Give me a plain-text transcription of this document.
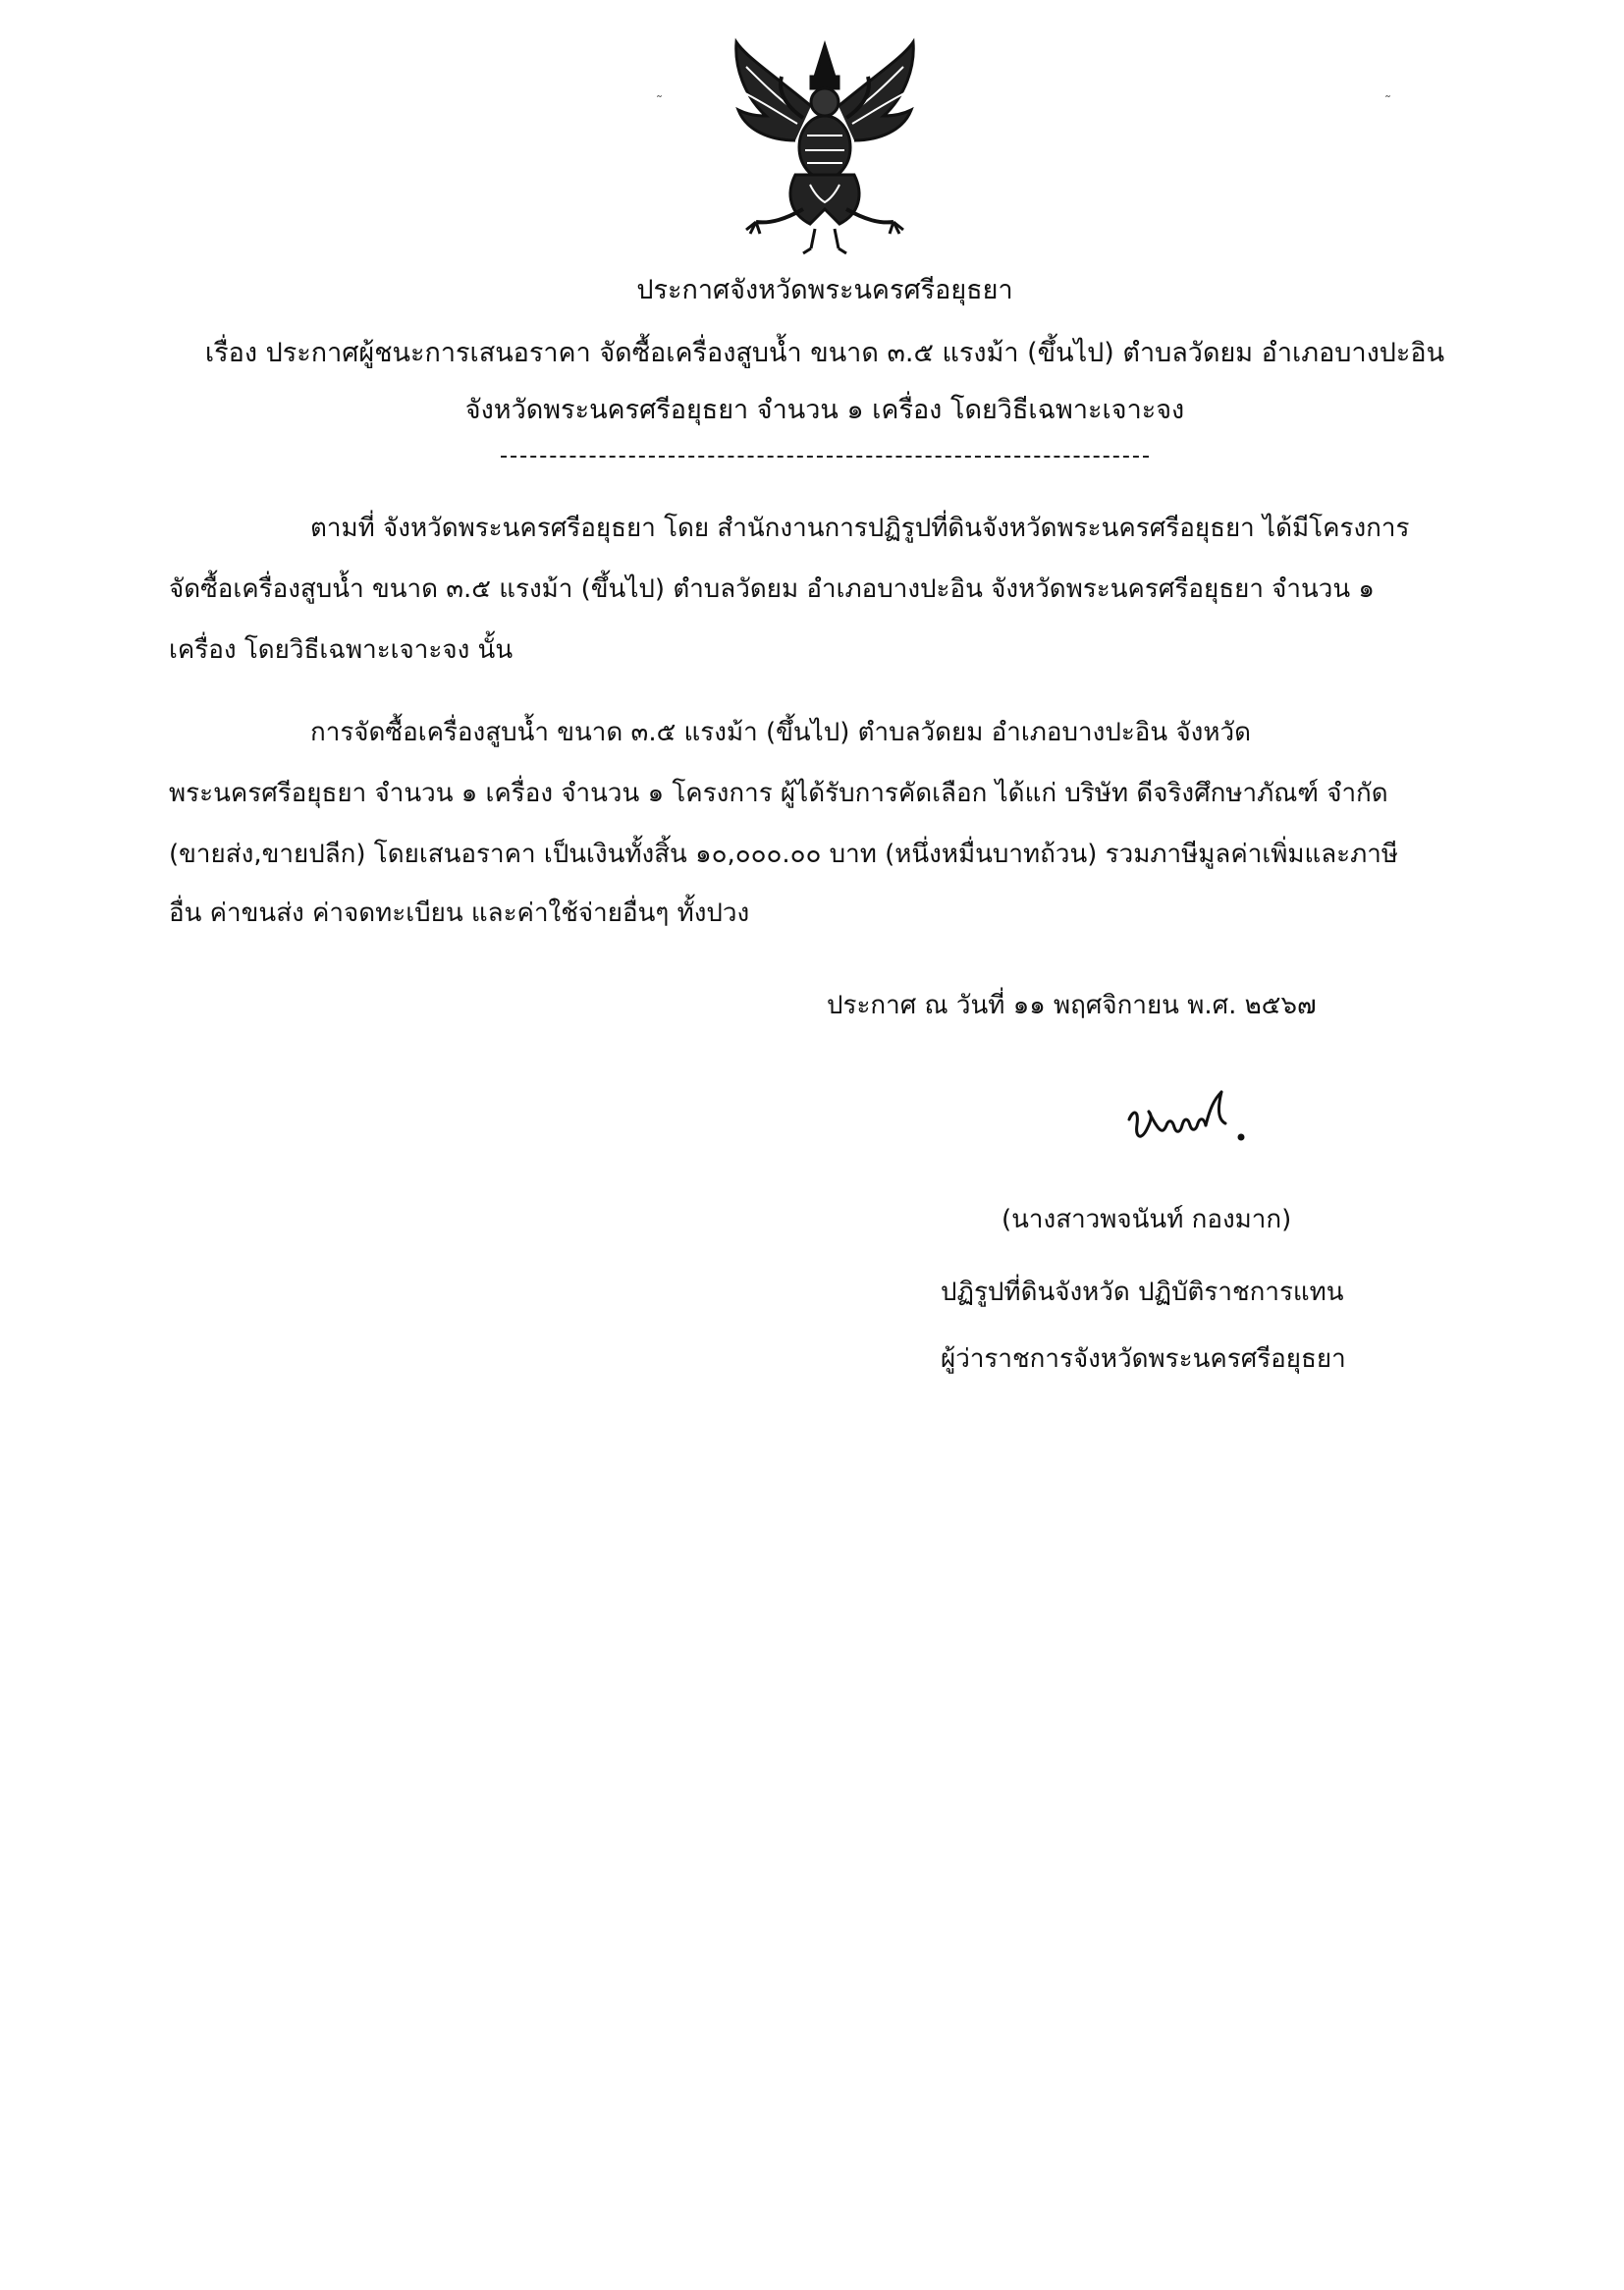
˜	˜
ประกาศจังหวัดพระนครศรีอยุธยา
เรื่อง ประกาศผู้ชนะการเสนอราคา จัดซื้อเครื่องสูบน้ำ ขนาด ๓.๕ แรงม้า (ขึ้นไป) ตำบลวัดยม อำเภอบางปะอิน
จังหวัดพระนครศรีอยุธยา จำนวน ๑ เครื่อง โดยวิธีเฉพาะเจาะจง
ตามที่ จังหวัดพระนครศรีอยุธยา โดย สำนักงานการปฏิรูปที่ดินจังหวัดพระนครศรีอยุธยา ได้มีโครงการ
จัดซื้อเครื่องสูบน้ำ ขนาด ๓.๕ แรงม้า (ขึ้นไป) ตำบลวัดยม อำเภอบางปะอิน จังหวัดพระนครศรีอยุธยา จำนวน ๑
เครื่อง โดยวิธีเฉพาะเจาะจง นั้น
การจัดซื้อเครื่องสูบน้ำ ขนาด ๓.๕ แรงม้า (ขึ้นไป) ตำบลวัดยม อำเภอบางปะอิน จังหวัด
พระนครศรีอยุธยา จำนวน ๑ เครื่อง จำนวน ๑ โครงการ ผู้ได้รับการคัดเลือก ได้แก่ บริษัท ดีจริงศึกษาภัณฑ์ จำกัด
(ขายส่ง,ขายปลีก) โดยเสนอราคา เป็นเงินทั้งสิ้น ๑๐,๐๐๐.๐๐ บาท (หนึ่งหมื่นบาทถ้วน) รวมภาษีมูลค่าเพิ่มและภาษี
อื่น ค่าขนส่ง ค่าจดทะเบียน และค่าใช้จ่ายอื่นๆ ทั้งปวง
ประกาศ ณ วันที่ ๑๑ พฤศจิกายน พ.ศ. ๒๕๖๗
(นางสาวพจนันท์ กองมาก)
ปฏิรูปที่ดินจังหวัด ปฏิบัติราชการแทน
ผู้ว่าราชการจังหวัดพระนครศรีอยุธยา
